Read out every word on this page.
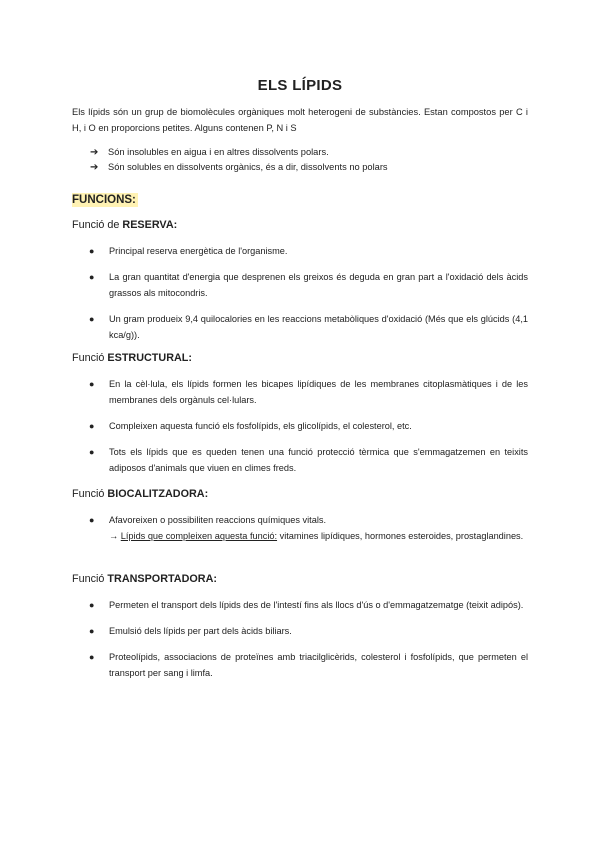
ELS LÍPIDS
Els lípids són un grup de biomolècules orgàniques molt heterogeni de substàncies. Estan compostos per C i H, i O en proporcions petites. Alguns contenen P, N i S
➔ Són insolubles en aigua i en altres dissolvents polars.
➔ Són solubles en dissolvents orgànics, és a dir, dissolvents no polars
FUNCIONS:
Funció de RESERVA:
● Principal reserva energètica de l'organisme.
● La gran quantitat d'energia que desprenen els greixos és deguda en gran part a l'oxidació dels àcids grassos als mitocondris.
● Un gram produeix 9,4 quilocalories en les reaccions metabòliques d'oxidació (Més que els glúcids (4,1 kca/g)).
Funció ESTRUCTURAL:
● En la cèl·lula, els lípids formen les bicapes lipídiques de les membranes citoplasmàtiques i de les membranes dels orgànuls cel·lulars.
● Compleixen aquesta funció els fosfolípids, els glicolípids, el colesterol, etc.
● Tots els lípids que es queden tenen una funció protecció tèrmica que s'emmagatzemen en teixits adiposos d'animals que viuen en climes freds.
Funció BIOCALITZADORA:
● Afavoreixen o possibiliten reaccions químiques vitals.
→ Lípids que compleixen aquesta funció: vitamines lipídiques, hormones esteroides, prostaglandines.
Funció TRANSPORTADORA:
● Permeten el transport dels lípids des de l'intestí fins als llocs d'ús o d'emmagatzematge (teixit adipós).
● Emulsió dels lípids per part dels àcids biliars.
● Proteolípids, associacions de proteïnes amb triacilglicèrids, colesterol i fosfolípids, que permeten el transport per sang i limfa.
